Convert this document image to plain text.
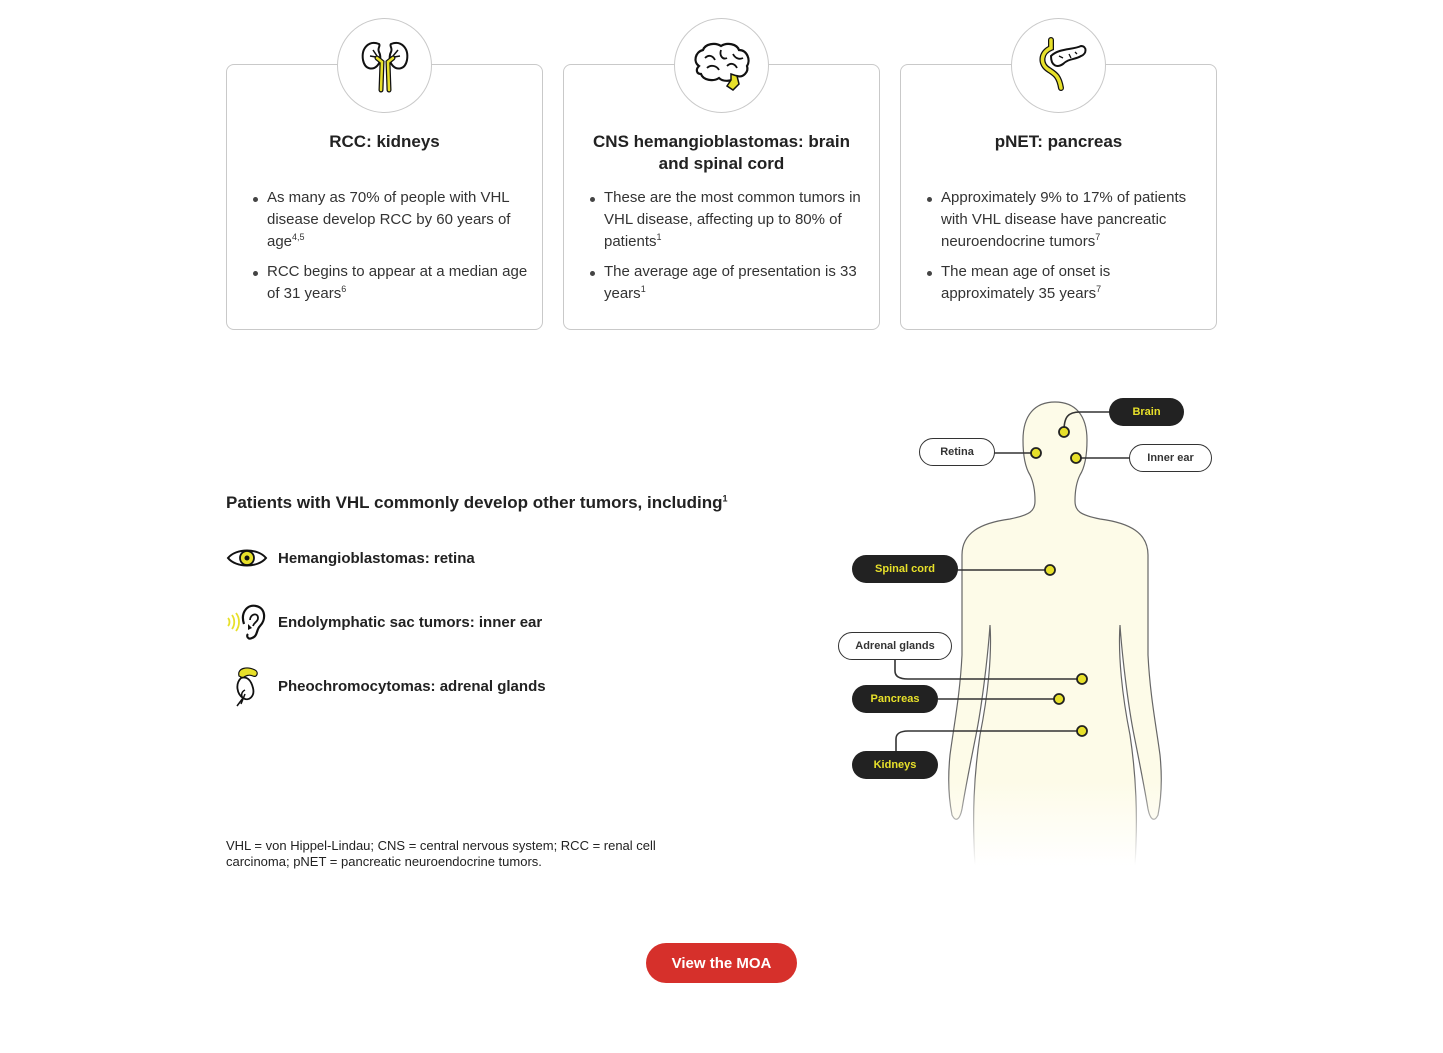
RCC: kidneys
As many as 70% of people with VHL disease develop RCC by 60 years of age$^{4,5}$
RCC begins to appear at a median age of 31 years$^6$
CNS hemangioblastomas: brain and spinal cord
These are the most common tumors in VHL disease, affecting up to 80% of patients$^1$
The average age of presentation is 33 years$^1$
pNET: pancreas
Approximately 9% to 17% of patients with VHL disease have pancreatic neuroendocrine tumors$^7$
The mean age of onset is approximately 35 years$^7$
Patients with VHL commonly develop other tumors, including$^1$
Hemangioblastomas: retina
Endolymphatic sac tumors: inner ear
Pheochromocytomas: adrenal glands
VHL = von Hippel-Lindau; CNS = central nervous system; RCC = renal cell carcinoma; pNET = pancreatic neuroendocrine tumors.
Brain
Retina	Inner ear
Spinal cord
Adrenal glands
Pancreas
Kidneys
View the MOA
